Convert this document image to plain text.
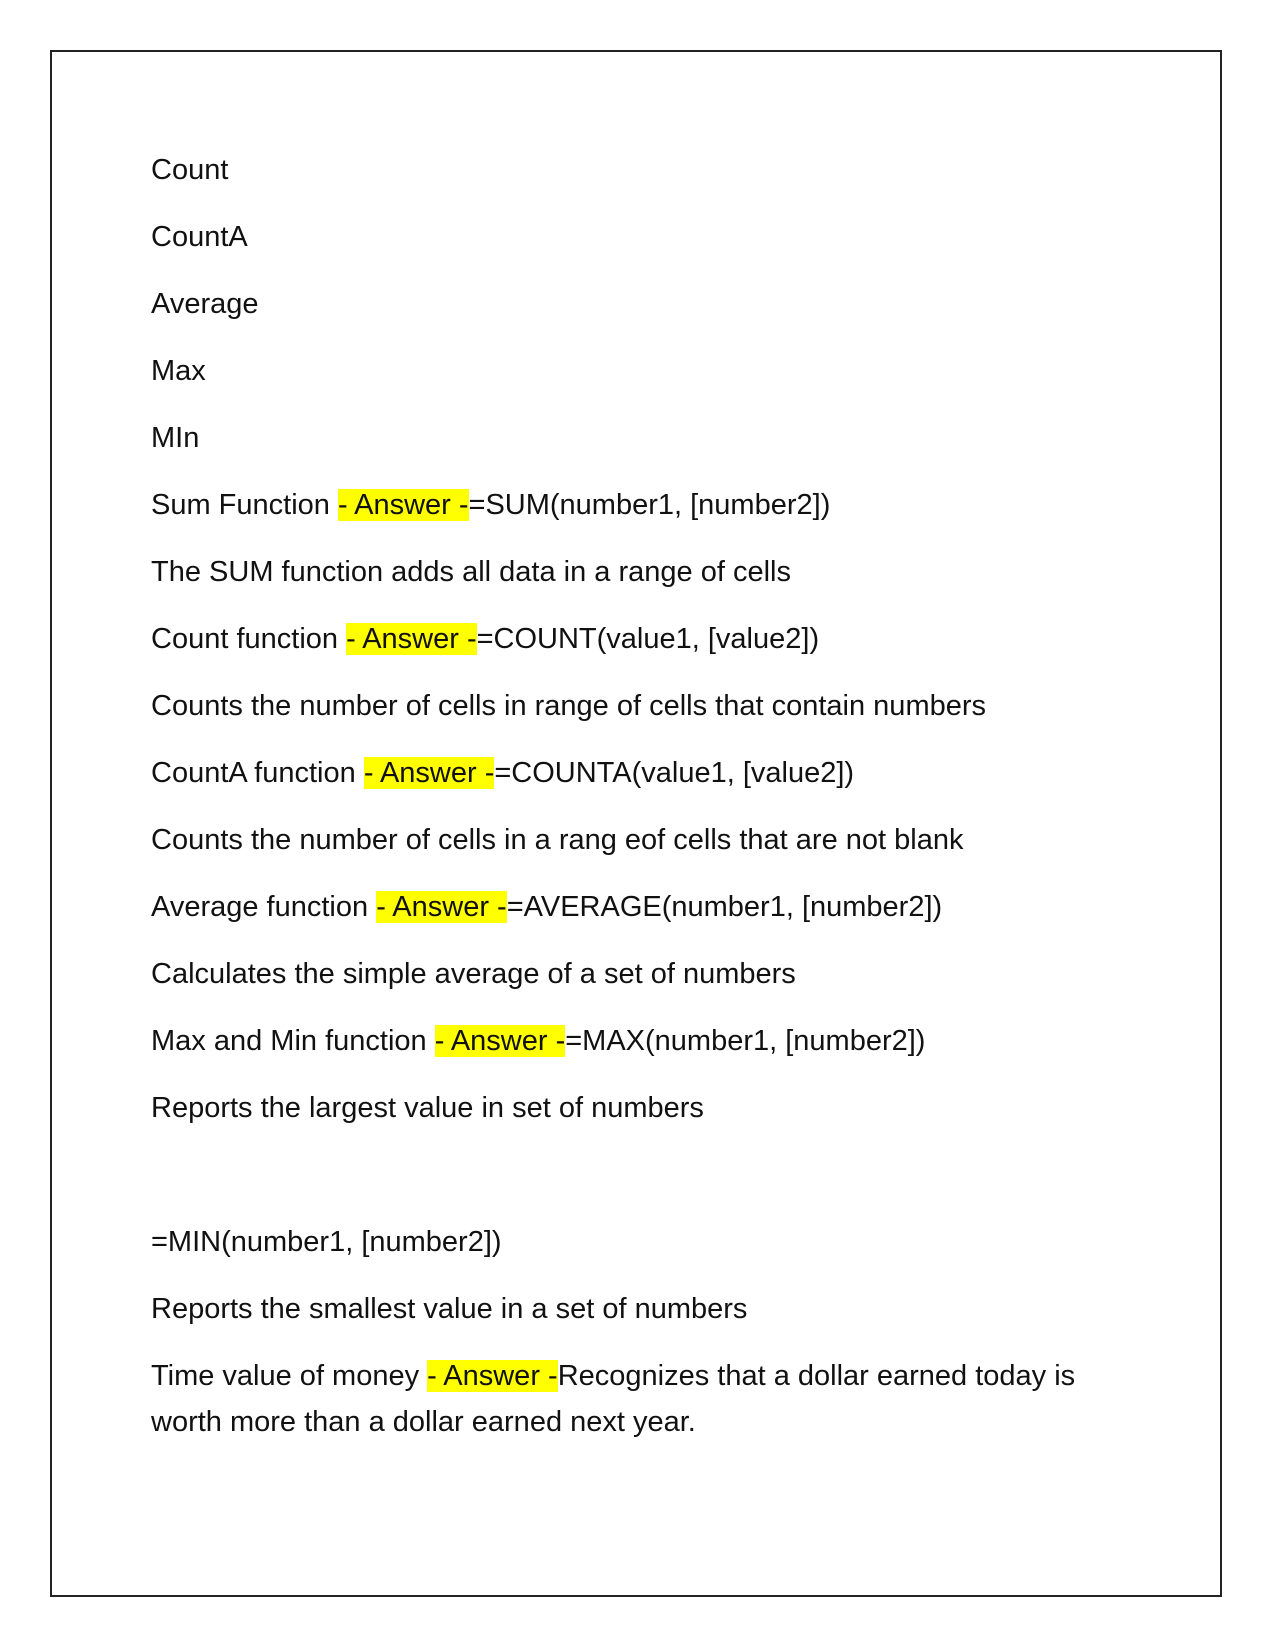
Count

CountA

Average

Max

MIn

Sum Function - Answer -=SUM(number1, [number2])

The SUM function adds all data in a range of cells

Count function - Answer -=COUNT(value1, [value2])

Counts the number of cells in range of cells that contain numbers

CountA function - Answer -=COUNTA(value1, [value2])

Counts the number of cells in a rang eof cells that are not blank

Average function - Answer -=AVERAGE(number1, [number2])

Calculates the simple average of a set of numbers

Max and Min function - Answer -=MAX(number1, [number2])

Reports the largest value in set of numbers

=MIN(number1, [number2])

Reports the smallest value in a set of numbers

Time value of money - Answer -Recognizes that a dollar earned today is worth more than a dollar earned next year.
